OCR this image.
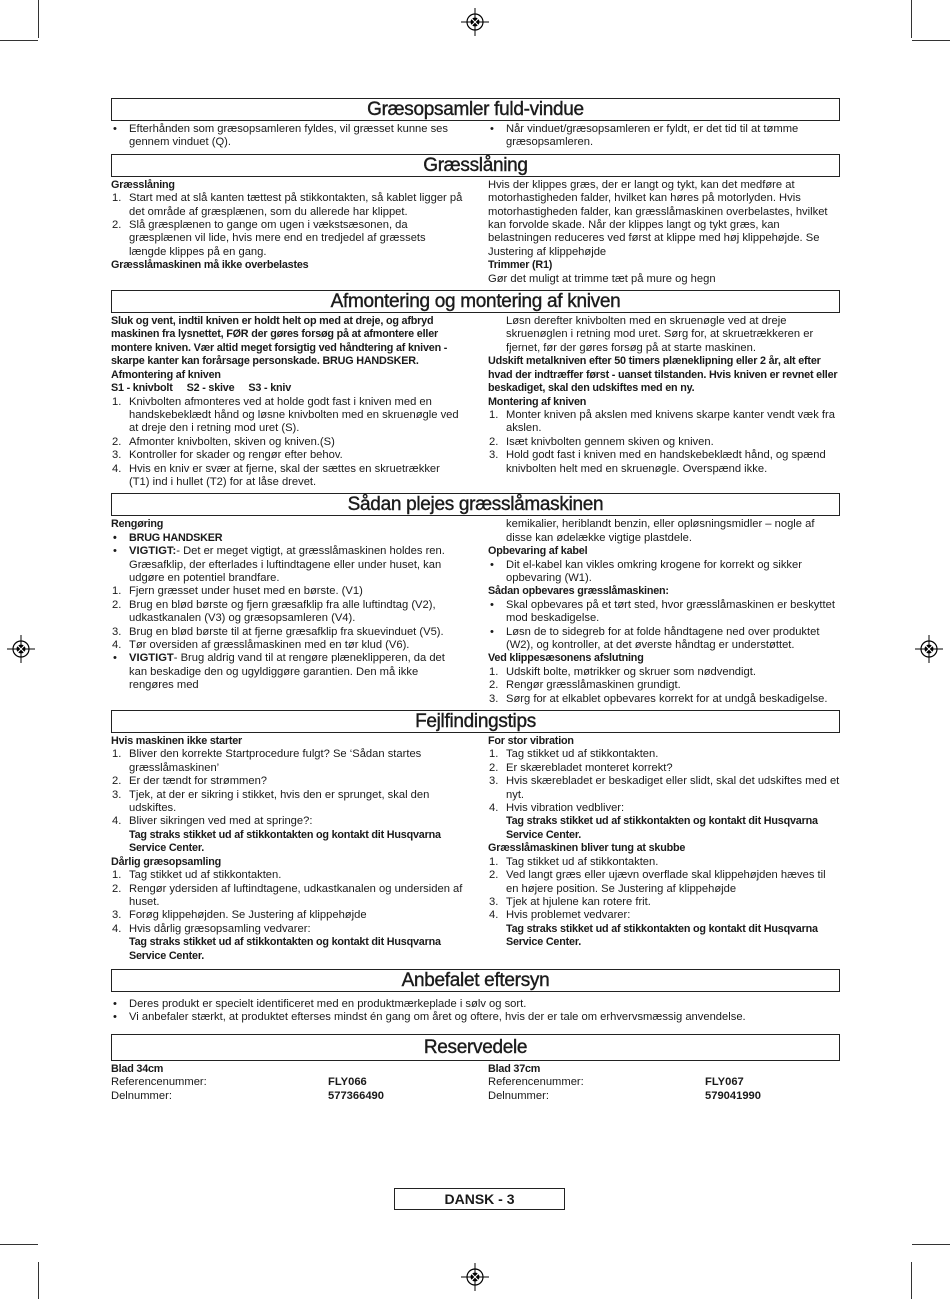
Græsopsamler fuld-vindue
• Efterhånden som græsopsamleren fyldes, vil græsset kunne ses gennem vinduet (Q).
• Når vinduet/græsopsamleren er fyldt, er det tid til at tømme græsopsamleren.
Græsslåning
Græsslåning
1. Start med at slå kanten tættest på stikkontakten, så kablet ligger på det område af græsplænen, som du allerede har klippet.
2. Slå græsplænen to gange om ugen i vækstsæsonen, da græsplænen vil lide, hvis mere end en tredjedel af græssets længde klippes på en gang.
Græsslåmaskinen må ikke overbelastes
Hvis der klippes græs, der er langt og tykt, kan det medføre at motorhastigheden falder, hvilket kan høres på motorlyden. Hvis motorhastigheden falder, kan græsslåmaskinen overbelastes, hvilket kan forvolde skade. Når der klippes langt og tykt græs, kan belastningen reduceres ved først at klippe med høj klippehøjde. Se Justering af klippehøjde
Trimmer (R1)
Gør det muligt at trimme tæt på mure og hegn
Afmontering og montering af kniven
Sluk og vent, indtil kniven er holdt helt op med at dreje, og afbryd maskinen fra lysnettet, FØR der gøres forsøg på at afmontere eller montere kniven. Vær altid meget forsigtig ved håndtering af kniven - skarpe kanter kan forårsage personskade. BRUG HANDSKER.
Afmontering af kniven
S1 - knivbolt     S2 - skive     S3 - kniv
1. Knivbolten afmonteres ved at holde godt fast i kniven med en handskebeklædt hånd og løsne knivbolten med en skruenøgle ved at dreje den i retning mod uret (S).
2. Afmonter knivbolten, skiven og kniven.(S)
3. Kontroller for skader og rengør efter behov.
4. Hvis en kniv er svær at fjerne, skal der sættes en skruetrækker (T1) ind i hullet (T2) for at låse drevet.
Løsn derefter knivbolten med en skruenøgle ved at dreje skruenøglen i retning mod uret. Sørg for, at skruetrækkeren er fjernet, før der gøres forsøg på at starte maskinen.
Udskift metalkniven efter 50 timers plæneklipning eller 2 år, alt efter hvad der indtræffer først - uanset tilstanden. Hvis kniven er revnet eller beskadiget, skal den udskiftes med en ny.
Montering af kniven
1. Monter kniven på akslen med knivens skarpe kanter vendt væk fra akslen.
2. Isæt knivbolten gennem skiven og kniven.
3. Hold godt fast i kniven med en handskebeklædt hånd, og spænd knivbolten helt med en skruenøgle. Overspænd ikke.
Sådan plejes græsslåmaskinen
Rengøring
• BRUG HANDSKER
• VIGTIGT:- Det er meget vigtigt, at græsslåmaskinen holdes ren. Græsafklip, der efterlades i luftindtagene eller under huset, kan udgøre en potentiel brandfare.
1. Fjern græsset under huset med en børste. (V1)
2. Brug en blød børste og fjern græsafklip fra alle luftindtag (V2), udkastkanalen (V3) og græsopsamleren (V4).
3. Brug en blød børste til at fjerne græsafklip fra skuevinduet (V5).
4. Tør oversiden af græsslåmaskinen med en tør klud (V6).
• VIGTIGT- Brug aldrig vand til at rengøre plæneklipperen, da det kan beskadige den og ugyldiggøre garantien. Den må ikke rengøres med
kemikalier, heriblandt benzin, eller opløsningsmidler – nogle af disse kan ødelække vigtige plastdele.
Opbevaring af kabel
• Dit el-kabel kan vikles omkring krogene for korrekt og sikker opbevaring (W1).
Sådan opbevares græsslåmaskinen:
• Skal opbevares på et tørt sted, hvor græsslåmaskinen er beskyttet mod beskadigelse.
• Løsn de to sidegreb for at folde håndtagene ned over produktet (W2), og kontroller, at det øverste håndtag er understøttet.
Ved klippesæsonens afslutning
1. Udskift bolte, møtrikker og skruer som nødvendigt.
2. Rengør græsslåmaskinen grundigt.
3. Sørg for at elkablet opbevares korrekt for at undgå beskadigelse.
Fejlfindingstips
Hvis maskinen ikke starter
1. Bliver den korrekte Startprocedure fulgt? Se ‘Sådan startes græsslåmaskinen’
2. Er der tændt for strømmen?
3. Tjek, at der er sikring i stikket, hvis den er sprunget, skal den udskiftes.
4. Bliver sikringen ved med at springe?:
Tag straks stikket ud af stikkontakten og kontakt dit Husqvarna Service Center.
Dårlig græsopsamling
1. Tag stikket ud af stikkontakten.
2. Rengør ydersiden af luftindtagene, udkastkanalen og undersiden af huset.
3. Forøg klippehøjden. Se Justering af klippehøjde
4. Hvis dårlig græsopsamling vedvarer:
Tag straks stikket ud af stikkontakten og kontakt dit Husqvarna Service Center.
For stor vibration
1. Tag stikket ud af stikkontakten.
2. Er skærebladet monteret korrekt?
3. Hvis skærebladet er beskadiget eller slidt, skal det udskiftes med et nyt.
4. Hvis vibration vedbliver:
Tag straks stikket ud af stikkontakten og kontakt dit Husqvarna Service Center.
Græsslåmaskinen bliver tung at skubbe
1. Tag stikket ud af stikkontakten.
2. Ved langt græs eller ujævn overflade skal klippehøjden hæves til en højere position. Se Justering af klippehøjde
3. Tjek at hjulene kan rotere frit.
4. Hvis problemet vedvarer:
Tag straks stikket ud af stikkontakten og kontakt dit Husqvarna Service Center.
Anbefalet eftersyn
• Deres produkt er specielt identificeret med en produktmærkeplade i sølv og sort.
• Vi anbefaler stærkt, at produktet efterses mindst én gang om året og oftere, hvis der er tale om erhvervsmæssig anvendelse.
Reservedele
Blad 34cm
Referencenummer:	FLY066
Delnummer:	577366490
Blad 37cm
Referencenummer:	FLY067
Delnummer:	579041990
DANSK - 3
